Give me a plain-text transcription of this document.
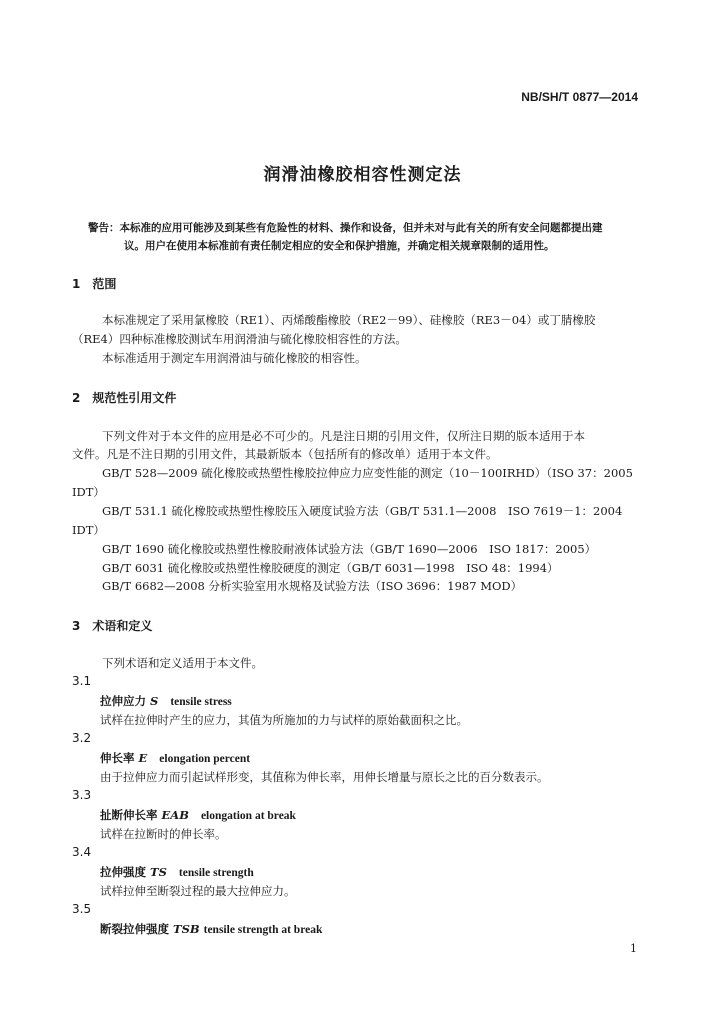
NB/SH/T 0877—2014
润滑油橡胶相容性测定法
警告：本标准的应用可能涉及到某些有危险性的材料、操作和设备，但并未对与此有关的所有安全问题都提出建
议。用户在使用本标准前有责任制定相应的安全和保护措施，并确定相关规章限制的适用性。
1　范围
本标准规定了采用氯橡胶（RE1）、丙烯酸酯橡胶（RE2－99）、硅橡胶（RE3－04）或丁腈橡胶
（RE4）四种标准橡胶测试车用润滑油与硫化橡胶相容性的方法。
本标准适用于测定车用润滑油与硫化橡胶的相容性。
2　规范性引用文件
下列文件对于本文件的应用是必不可少的。凡是注日期的引用文件，仅所注日期的版本适用于本
文件。凡是不注日期的引用文件，其最新版本（包括所有的修改单）适用于本文件。
GB/T 528—2009 硫化橡胶或热塑性橡胶拉伸应力应变性能的测定（10－100IRHD）（ISO 37：2005
IDT）
GB/T 531.1 硫化橡胶或热塑性橡胶压入硬度试验方法（GB/T 531.1—2008　ISO 7619－1：2004
IDT）
GB/T 1690 硫化橡胶或热塑性橡胶耐液体试验方法（GB/T 1690—2006　ISO 1817：2005）
GB/T 6031 硫化橡胶或热塑性橡胶硬度的测定（GB/T 6031—1998　ISO 48：1994）
GB/T 6682—2008 分析实验室用水规格及试验方法（ISO 3696：1987 MOD）
3　术语和定义
下列术语和定义适用于本文件。
3.1
拉伸应力 S tensile stress
试样在拉伸时产生的应力，其值为所施加的力与试样的原始截面积之比。
3.2
伸长率 E elongation percent
由于拉伸应力而引起试样形变，其值称为伸长率，用伸长增量与原长之比的百分数表示。
3.3
扯断伸长率 EAB elongation at break
试样在拉断时的伸长率。
3.4
拉伸强度 TS tensile strength
试样拉伸至断裂过程的最大拉伸应力。
3.5
断裂拉伸强度 TSB tensile strength at break
1
